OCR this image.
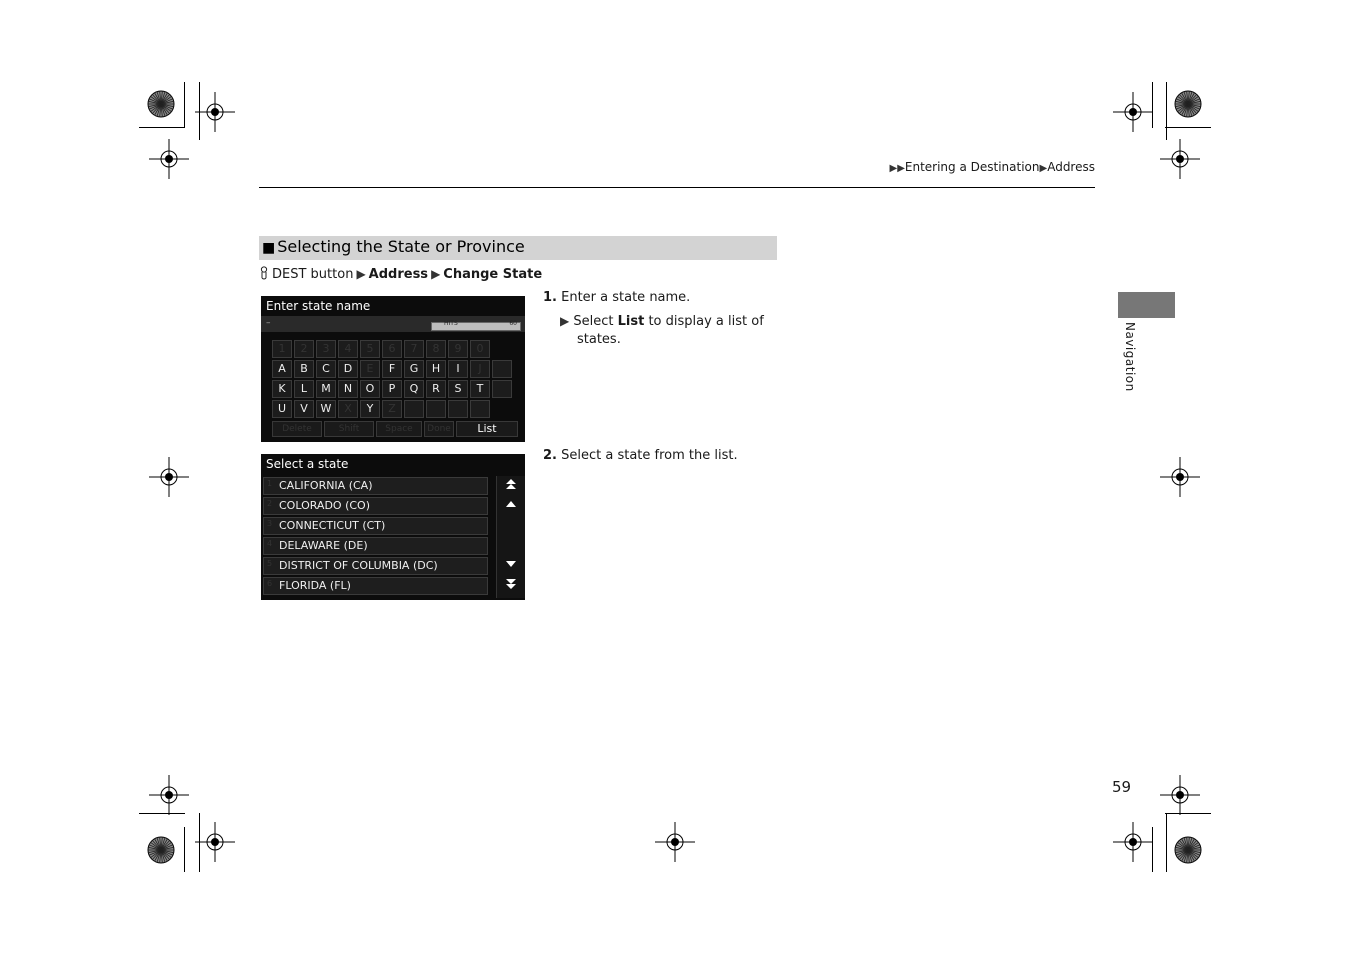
▶▶Entering a Destination▶Address
■ Selecting the State or Province
DEST button ▶ Address ▶ Change State
Enter state name
–	HITS	60
1	2	3	4	5	6	7	8	9	0
A	B	C	D	E	F	G	H	I	J
K	L	M	N	O	P	Q	R	S	T
U	V	W	X	Y	Z
Delete	Shift	Space	Done	List
Select a state
1 CALIFORNIA (CA)
2 COLORADO (CO)
3 CONNECTICUT (CT)
4 DELAWARE (DE)
5 DISTRICT OF COLUMBIA (DC)
6 FLORIDA (FL)
1. Enter a state name.
▶ Select List to display a list of
states.
2. Select a state from the list.
Navigation
59
